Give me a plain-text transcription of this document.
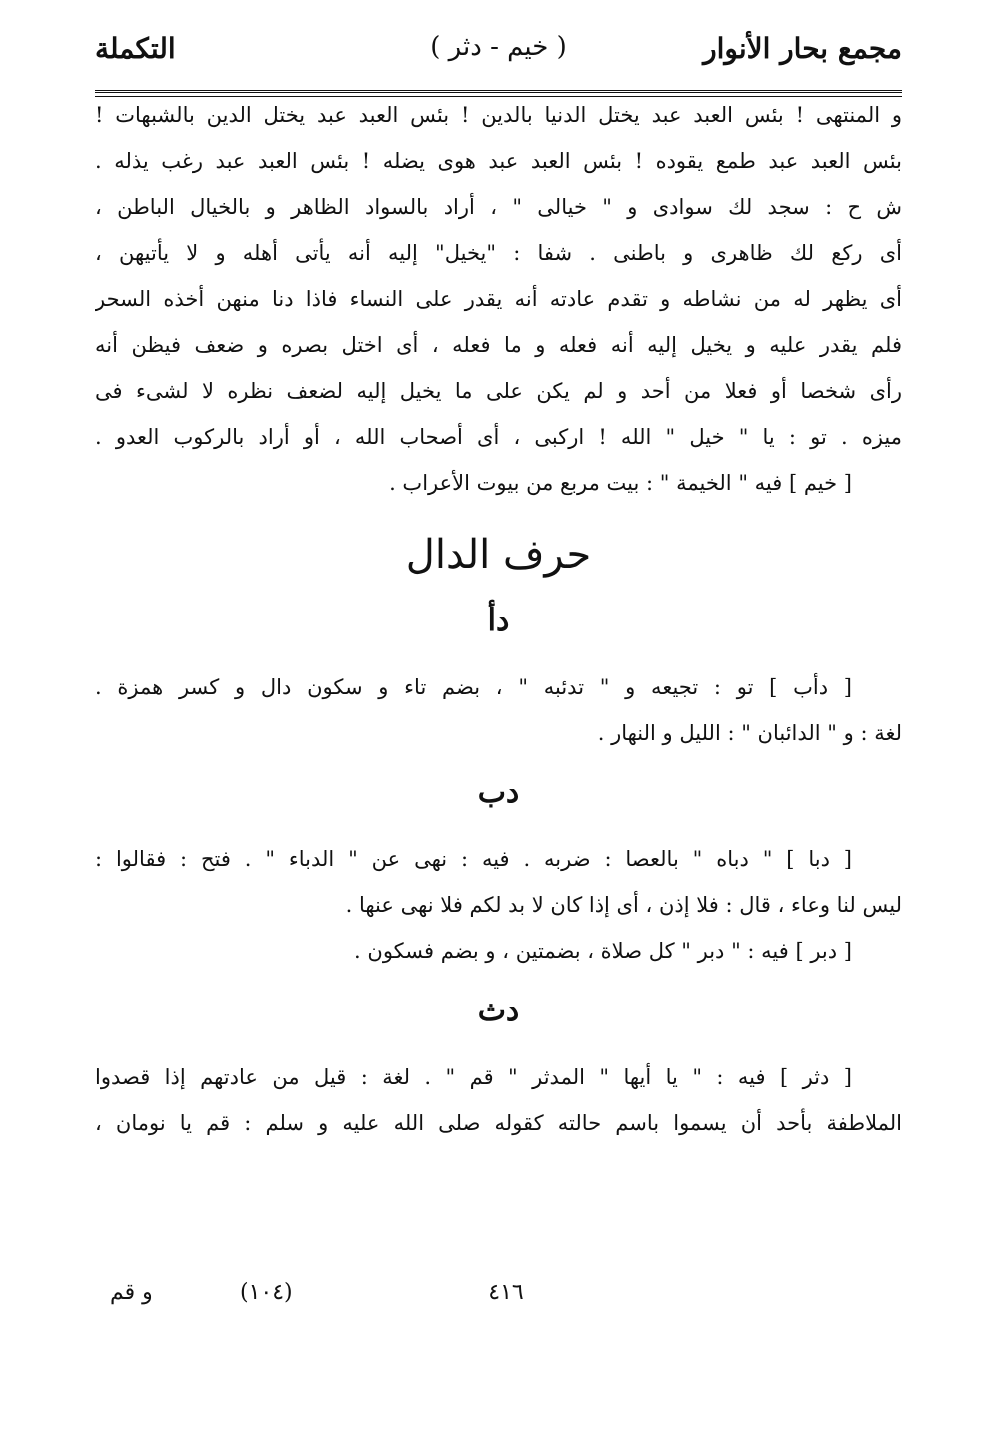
مجمع بحار الأنوار
( خيم - دثر )
التكملة
و المنتهى ! بئس العبد عبد يختل الدنيا بالدين ! بئس العبد عبد يختل الدين بالشبهات !
بئس العبد عبد طمع يقوده ! بئس العبد عبد هوى يضله ! بئس العبد عبد رغب يذله .
ش ح : سجد لك سوادى و " خيالى " ، أراد بالسواد الظاهر و بالخيال الباطن ،
أى ركع لك ظاهرى و باطنى . شفا : "يخيل" إليه أنه يأتى أهله و لا يأتيهن ،
أى يظهر له من نشاطه و تقدم عادته أنه يقدر على النساء فاذا دنا منهن أخذه السحر
فلم يقدر عليه و يخيل إليه أنه فعله و ما فعله ، أى اختل بصره و ضعف فيظن أنه
رأى شخصا أو فعلا من أحد و لم يكن على ما يخيل إليه لضعف نظره لا لشىء فى
ميزه . تو : يا " خيل " الله ! اركبى ، أى أصحاب الله ، أو أراد بالركوب العدو .
[ خيم ] فيه " الخيمة " : بيت مربع من بيوت الأعراب .
حرف الدال
دأ
[ دأب ] تو : تجيعه و " تدئبه " ، بضم تاء و سكون دال و كسر همزة .
لغة : و " الدائبان " : الليل و النهار .
دب
[ دبا ] " دباه " بالعصا : ضربه . فيه : نهى عن " الدباء " . فتح : فقالوا :
ليس لنا وعاء ، قال : فلا إذن ، أى إذا كان لا بد لكم فلا نهى عنها .
[ دبر ] فيه : " دبر " كل صلاة ، بضمتين ، و بضم فسكون .
دث
[ دثر ] فيه : " يا أيها " المدثر " قم " . لغة : قيل من عادتهم إذا قصدوا
الملاطفة بأحد أن يسموا باسم حالته كقوله صلى الله عليه و سلم : قم يا نومان ،
٤١٦
(١٠٤)
و قم
